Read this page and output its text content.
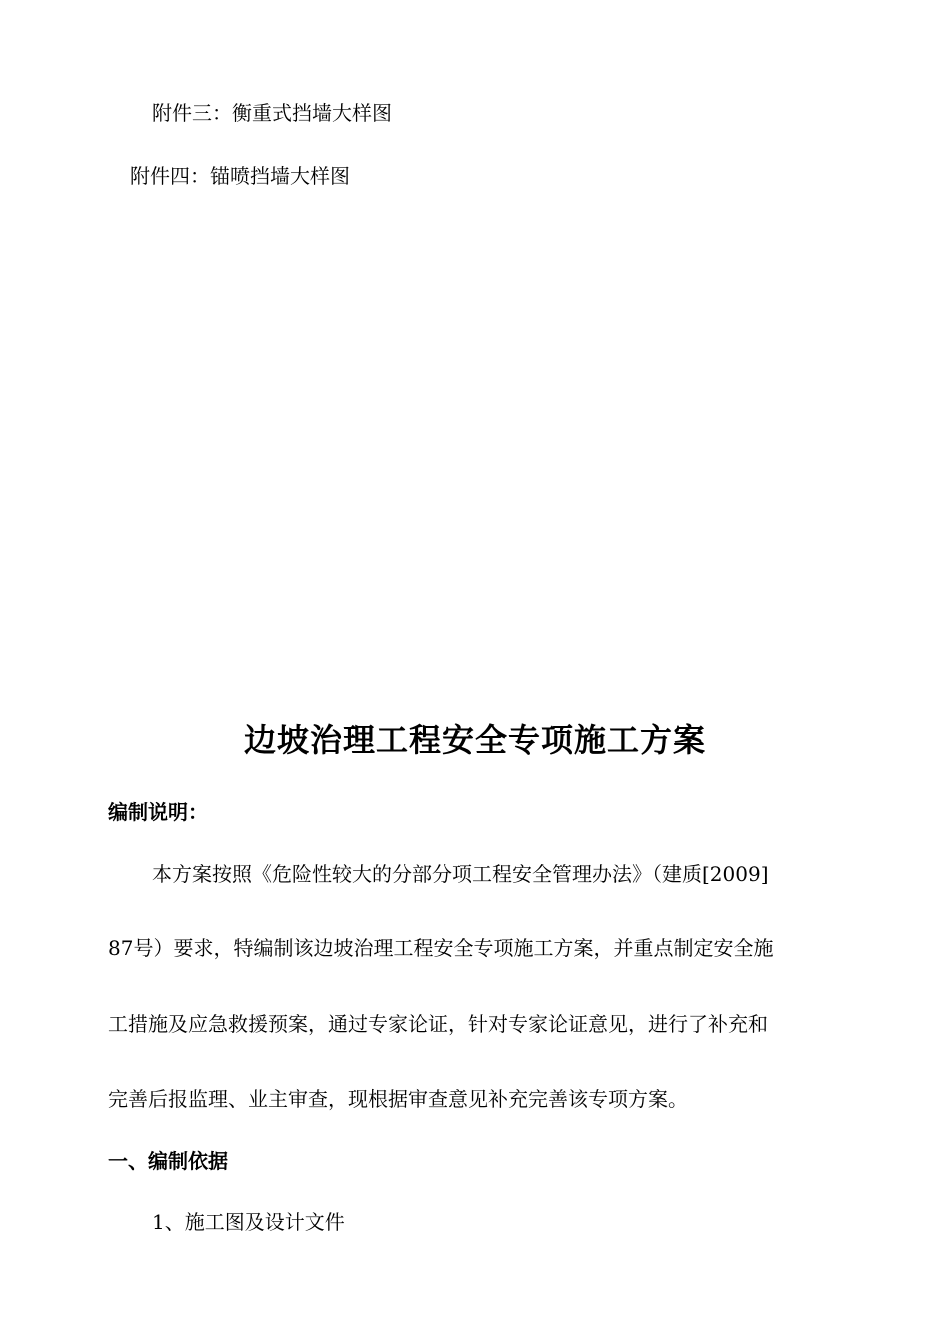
附件三：衡重式挡墙大样图
附件四：锚喷挡墙大样图
边坡治理工程安全专项施工方案
编制说明：
本方案按照《危险性较大的分部分项工程安全管理办法》（建质[2009]
87号）要求，特编制该边坡治理工程安全专项施工方案，并重点制定安全施
工措施及应急救援预案，通过专家论证，针对专家论证意见，进行了补充和
完善后报监理、业主审查，现根据审查意见补充完善该专项方案。
一、编制依据
1、施工图及设计文件
